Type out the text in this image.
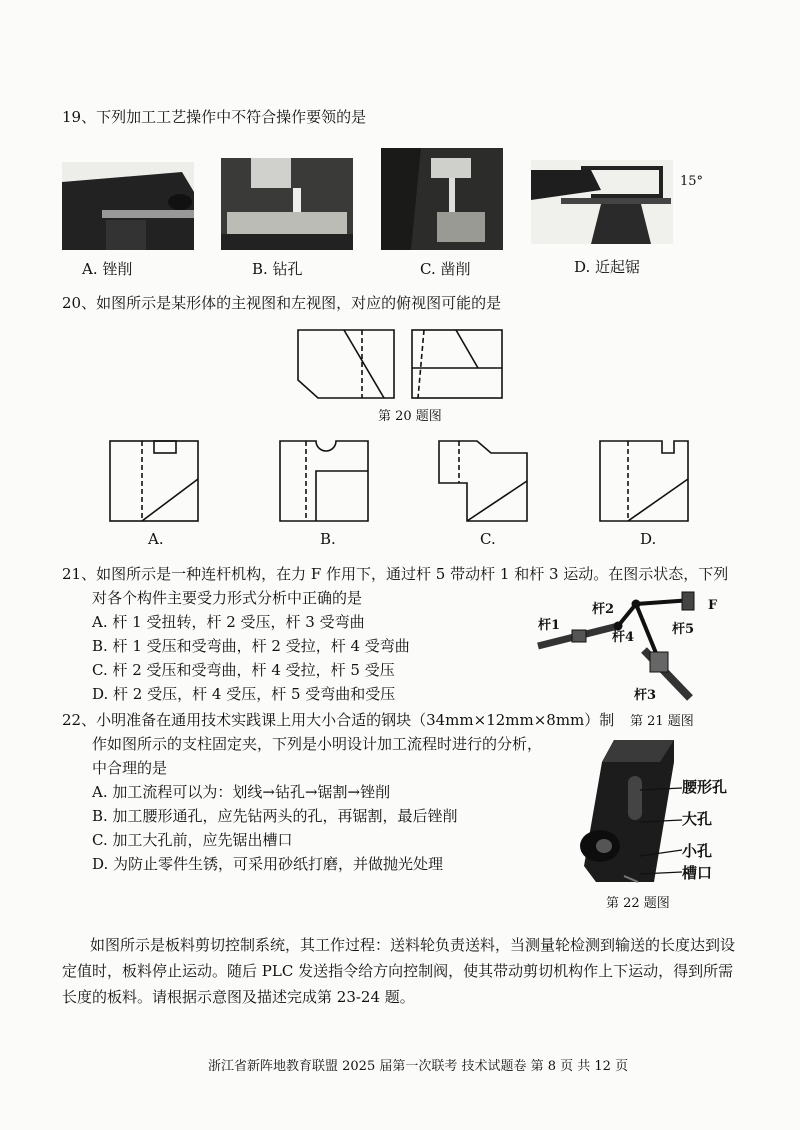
19、下列加工工艺操作中不符合操作要领的是
15°
A. 锉削	B. 钻孔	C. 凿削	D. 近起锯
20、如图所示是某形体的主视图和左视图，对应的俯视图可能的是
第 20 题图
A.	B.	C.	D.
21、如图所示是一种连杆机构，在力 F 作用下，通过杆 5 带动杆 1 和杆 3 运动。在图示状态，下列
对各个构件主要受力形式分析中正确的是
A. 杆 1 受扭转，杆 2 受压，杆 3 受弯曲
B. 杆 1 受压和受弯曲，杆 2 受拉，杆 4 受弯曲
C. 杆 2 受压和受弯曲，杆 4 受拉，杆 5 受压
D. 杆 2 受压，杆 4 受压，杆 5 受弯曲和受压
杆1
杆2
杆4
杆5
杆3
F
第 21 题图
22、小明准备在通用技术实践课上用大小合适的钢块（34mm×12mm×8mm）制
作如图所示的支柱固定夹，下列是小明设计加工流程时进行的分析，
中合理的是
A. 加工流程可以为：划线→钻孔→锯割→锉削
B. 加工腰形通孔，应先钻两头的孔，再锯割，最后锉削
C. 加工大孔前，应先锯出槽口
D. 为防止零件生锈，可采用砂纸打磨，并做抛光处理
腰形孔
大孔
小孔
槽口
第 22 题图
如图所示是板料剪切控制系统，其工作过程：送料轮负责送料，当测量轮检测到输送的长度达到设定值时，板料停止运动。随后 PLC 发送指令给方向控制阀，使其带动剪切机构作上下运动，得到所需长度的板料。请根据示意图及描述完成第 23-24 题。
浙江省新阵地教育联盟 2025 届第一次联考 技术试题卷 第 8 页 共 12 页
